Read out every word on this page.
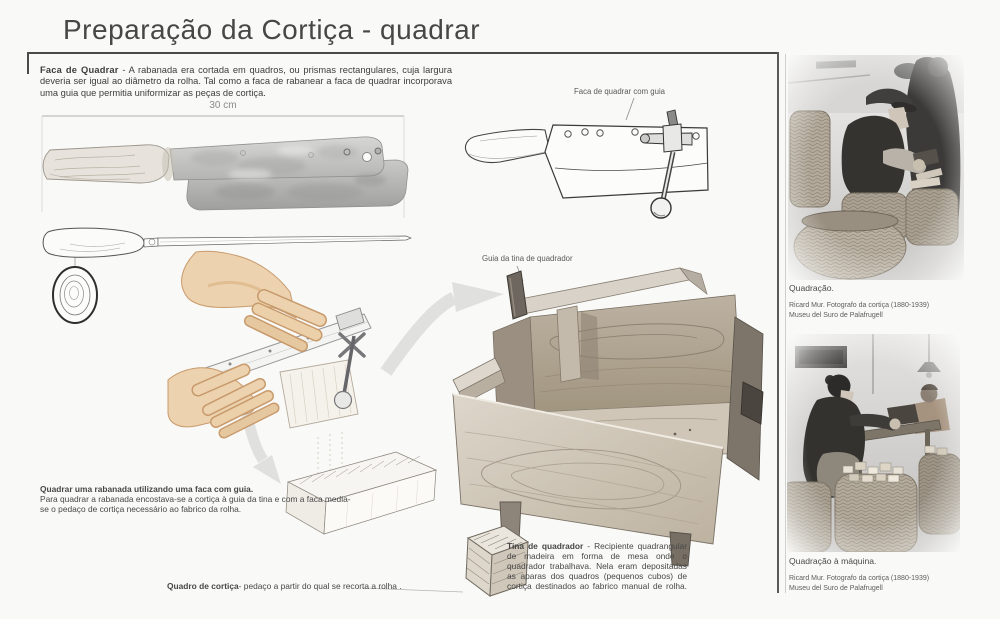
Preparação da Cortiça - quadrar
Faca de Quadrar - A rabanada era cortada em quadros, ou prismas rectangulares, cuja largura deveria ser igual ao diâmetro da rolha. Tal como a faca de rabanear a faca de quadrar incorporava uma guia que permitia uniformizar as peças de cortiça.
30 cm
Faca de quadrar com guia
Guia da tina de quadrador
Quadrar uma rabanada utilizando uma faca com guia.
Para quadrar a rabanada encostava-se a cortiça à guia da tina e com a faca media-se o pedaço de cortiça necessário ao fabrico da rolha.
Quadro de cortiça- pedaço a partir do qual se recorta a rolha .
Tina de quadrador - Recipiente quadrangular de madeira em forma de mesa onde o quadrador trabalhava. Nela eram depositadas as aparas dos quadros (pequenos cubos) de cortiça destinados ao fabrico manual de rolha.
Quadração.
Ricard Mur. Fotografo da cortiça (1880-1939)
Museu del Suro de Palafrugell
Quadração à máquina.
Ricard Mur. Fotografo da cortiça (1880-1939)
Museu del Suro de Palafrugell
